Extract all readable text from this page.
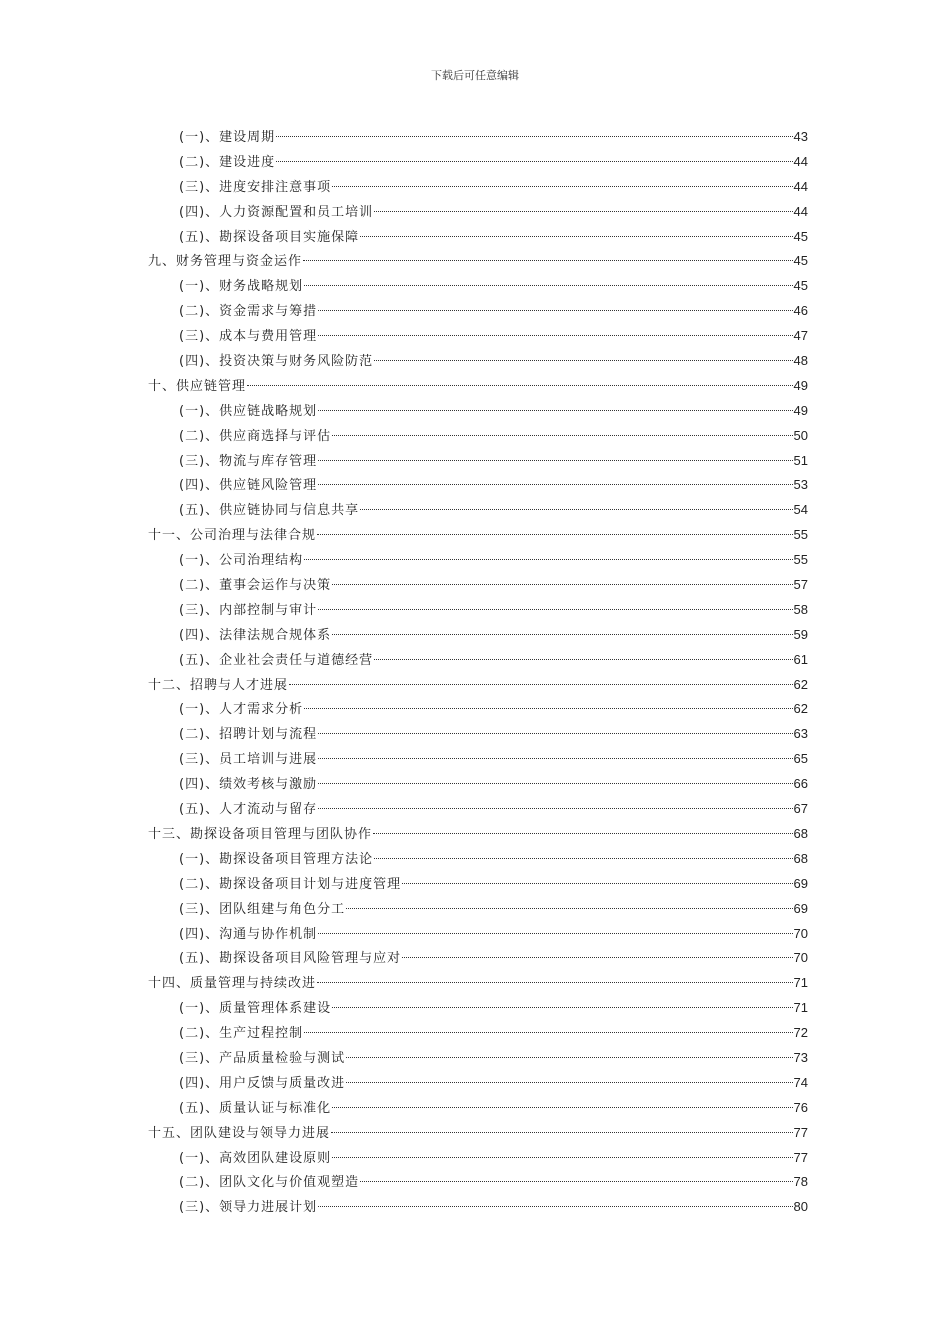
下载后可任意编辑
(一)、建设周期	43
(二)、建设进度	44
(三)、进度安排注意事项	44
(四)、人力资源配置和员工培训	44
(五)、勘探设备项目实施保障	45
九、财务管理与资金运作	45
(一)、财务战略规划	45
(二)、资金需求与筹措	46
(三)、成本与费用管理	47
(四)、投资决策与财务风险防范	48
十、供应链管理	49
(一)、供应链战略规划	49
(二)、供应商选择与评估	50
(三)、物流与库存管理	51
(四)、供应链风险管理	53
(五)、供应链协同与信息共享	54
十一、公司治理与法律合规	55
(一)、公司治理结构	55
(二)、董事会运作与决策	57
(三)、内部控制与审计	58
(四)、法律法规合规体系	59
(五)、企业社会责任与道德经营	61
十二、招聘与人才进展	62
(一)、人才需求分析	62
(二)、招聘计划与流程	63
(三)、员工培训与进展	65
(四)、绩效考核与激励	66
(五)、人才流动与留存	67
十三、勘探设备项目管理与团队协作	68
(一)、勘探设备项目管理方法论	68
(二)、勘探设备项目计划与进度管理	69
(三)、团队组建与角色分工	69
(四)、沟通与协作机制	70
(五)、勘探设备项目风险管理与应对	70
十四、质量管理与持续改进	71
(一)、质量管理体系建设	71
(二)、生产过程控制	72
(三)、产品质量检验与测试	73
(四)、用户反馈与质量改进	74
(五)、质量认证与标准化	76
十五、团队建设与领导力进展	77
(一)、高效团队建设原则	77
(二)、团队文化与价值观塑造	78
(三)、领导力进展计划	80
